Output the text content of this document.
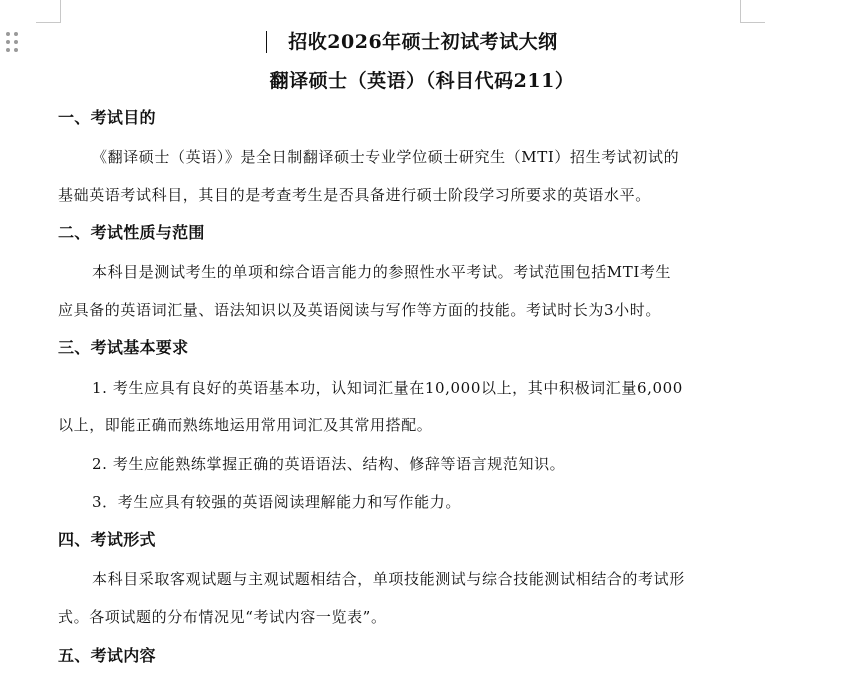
招收2026年硕士初试考试大纲
翻译硕士（英语）（科目代码211）
一、考试目的
《翻译硕士（英语）》是全日制翻译硕士专业学位硕士研究生（MTI）招生考试初试的
基础英语考试科目，其目的是考查考生是否具备进行硕士阶段学习所要求的英语水平。
二、考试性质与范围
本科目是测试考生的单项和综合语言能力的参照性水平考试。考试范围包括MTI考生
应具备的英语词汇量、语法知识以及英语阅读与写作等方面的技能。考试时长为3小时。
三、考试基本要求
1. 考生应具有良好的英语基本功，认知词汇量在10,000以上，其中积极词汇量6,000
以上，即能正确而熟练地运用常用词汇及其常用搭配。
2. 考生应能熟练掌握正确的英语语法、结构、修辞等语言规范知识。
3．考生应具有较强的英语阅读理解能力和写作能力。
四、考试形式
本科目采取客观试题与主观试题相结合，单项技能测试与综合技能测试相结合的考试形
式。各项试题的分布情况见“考试内容一览表”。
五、考试内容
